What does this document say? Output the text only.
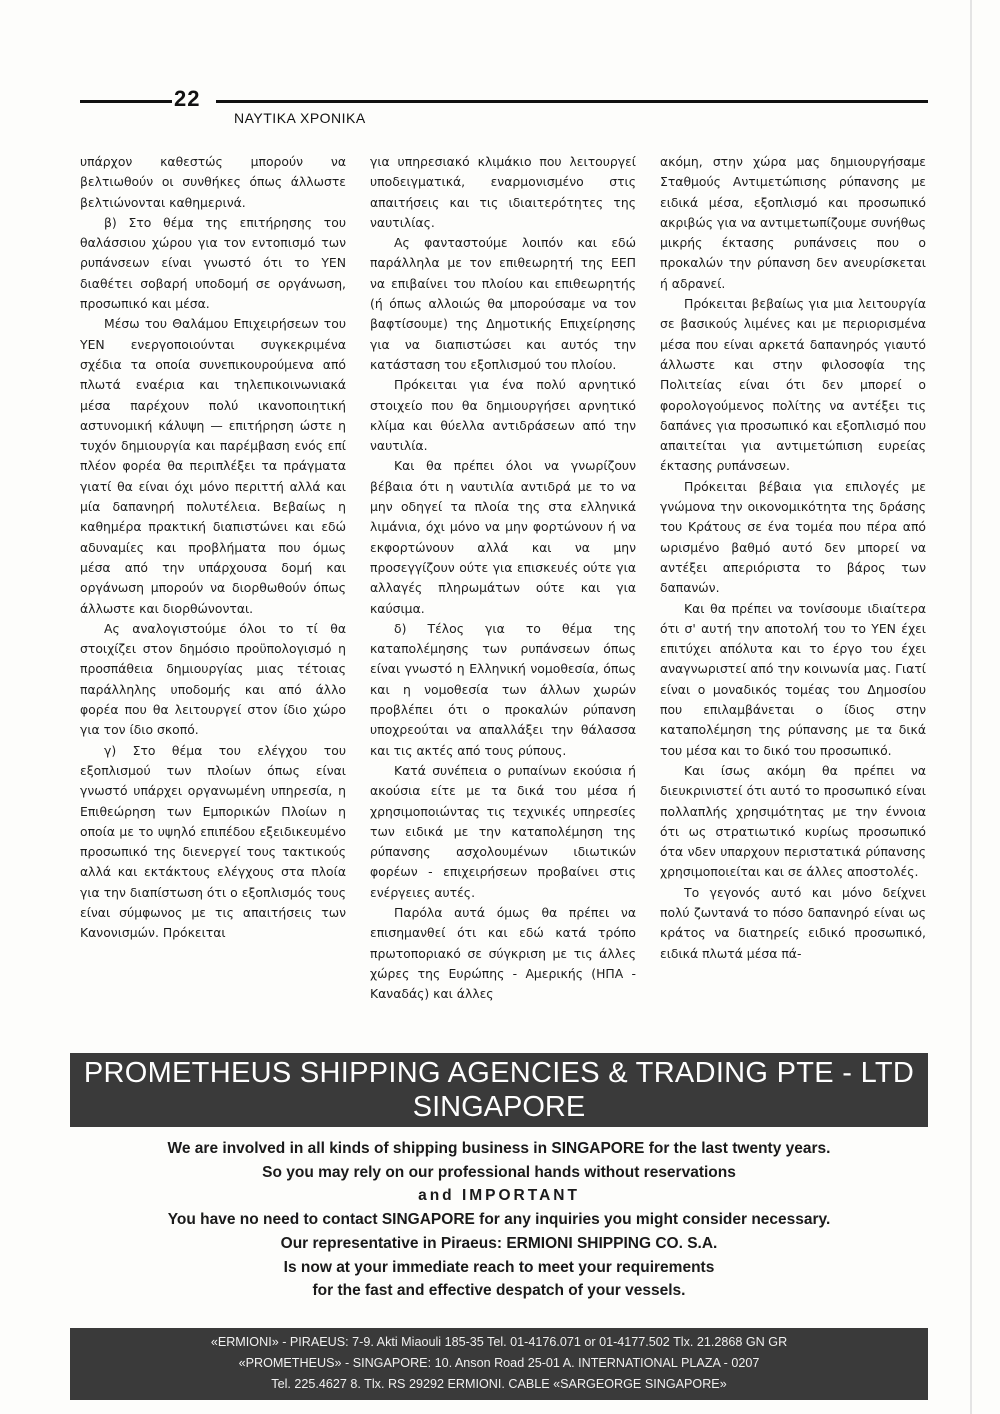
22
ΝΑΥΤΙΚΑ ΧΡΟΝΙΚΑ

υπάρχον καθεστώς μπορούν να βελτιωθούν οι συνθήκες όπως άλλωστε βελτιώνονται καθημερινά.

β) Στο θέμα της επιτήρησης του θαλάσσιου χώρου για τον εντοπισμό των ρυπάνσεων είναι γνωστό ότι το ΥΕΝ διαθέτει σοβαρή υποδομή σε οργάνωση, προσωπικό και μέσα.

Μέσω του Θαλάμου Επιχειρήσεων του ΥΕΝ ενεργοποιούνται συγκεκριμένα σχέδια τα οποία συνεπικουρούμενα από πλωτά εναέρια και τηλεπικοινωνιακά μέσα παρέχουν πολύ ικανοποιητική αστυνομική κάλυψη — επιτήρηση ώστε η τυχόν δημιουργία και παρέμβαση ενός επί πλέον φορέα θα περιπλέξει τα πράγματα γιατί θα είναι όχι μόνο περιττή αλλά και μία δαπανηρή πολυτέλεια. Βεβαίως η καθημέρα πρακτική διαπιστώνει και εδώ αδυναμίες και προβλήματα που όμως μέσα από την υπάρχουσα δομή και οργάνωση μπορούν να διορθωθούν όπως άλλωστε και διορθώνονται.

Ας αναλογιστούμε όλοι το τί θα στοιχίζει στον δημόσιο προϋπολογισμό η προσπάθεια δημιουργίας μιας τέτοιας παράλληλης υποδομής και από άλλο φορέα που θα λειτουργεί στον ίδιο χώρο για τον ίδιο σκοπό.

γ) Στο θέμα του ελέγχου του εξοπλισμού των πλοίων όπως είναι γνωστό υπάρχει οργανωμένη υπηρεσία, η Επιθεώρηση των Εμπορικών Πλοίων η οποία με το υψηλό επιπέδου εξειδικευμένο προσωπικό της διενεργεί τους τακτικούς αλλά και εκτάκτους ελέγχους στα πλοία για την διαπίστωση ότι ο εξοπλισμός τους είναι σύμφωνος με τις απαιτήσεις των Κανονισμών. Πρόκειται

για υπηρεσιακό κλιμάκιο που λειτουργεί υποδειγματικά, εναρμονισμένο στις απαιτήσεις και τις ιδιαιτερότητες της ναυτιλίας.

Ας φανταστούμε λοιπόν και εδώ παράλληλα με τον επιθεωρητή της ΕΕΠ να επιβαίνει του πλοίου και επιθεωρητής (ή όπως αλλοιώς θα μπορούσαμε να τον βαφτίσουμε) της Δημοτικής Επιχείρησης για να διαπιστώσει και αυτός την κατάσταση του εξοπλισμού του πλοίου.

Πρόκειται για ένα πολύ αρνητικό στοιχείο που θα δημιουργήσει αρνητικό κλίμα και θύελλα αντιδράσεων από την ναυτιλία.

Και θα πρέπει όλοι να γνωρίζουν βέβαια ότι η ναυτιλία αντιδρά με το να μην οδηγεί τα πλοία της στα ελληνικά λιμάνια, όχι μόνο να μην φορτώνουν ή να εκφορτώνουν αλλά και να μην προσεγγίζουν ούτε για επισκευές ούτε για αλλαγές πληρωμάτων ούτε και για καύσιμα.

δ) Τέλος για το θέμα της καταπολέμησης των ρυπάνσεων όπως είναι γνωστό η Ελληνική νομοθεσία, όπως και η νομοθεσία των άλλων χωρών προβλέπει ότι ο προκαλών ρύπανση υποχρεούται να απαλλάξει την θάλασσα και τις ακτές από τους ρύπους.

Κατά συνέπεια ο ρυπαίνων εκούσια ή ακούσια είτε με τα δικά του μέσα ή χρησιμοποιώντας τις τεχνικές υπηρεσίες των ειδικά με την καταπολέμηση της ρύπανσης ασχολουμένων ιδιωτικών φορέων - επιχειρήσεων προβαίνει στις ενέργειες αυτές.

Παρόλα αυτά όμως θα πρέπει να επισημανθεί ότι και εδώ κατά τρόπο πρωτοποριακό σε σύγκριση με τις άλλες χώρες της Ευρώπης - Αμερικής (ΗΠΑ - Καναδάς) και άλλες

ακόμη, στην χώρα μας δημιουργήσαμε Σταθμούς Αντιμετώπισης ρύπανσης με ειδικά μέσα, εξοπλισμό και προσωπικό ακριβώς για να αντιμετωπίζουμε συνήθως μικρής έκτασης ρυπάνσεις που ο προκαλών την ρύπανση δεν ανευρίσκεται ή αδρανεί.

Πρόκειται βεβαίως για μια λειτουργία σε βασικούς λιμένες και με περιορισμένα μέσα που είναι αρκετά δαπανηρός γιαυτό άλλωστε και στην φιλοσοφία της Πολιτείας είναι ότι δεν μπορεί ο φορολογούμενος πολίτης να αντέξει τις δαπάνες για προσωπικό και εξοπλισμό που απαιτείται για αντιμετώπιση ευρείας έκτασης ρυπάνσεων.

Πρόκειται βέβαια για επιλογές με γνώμονα την οικονομικότητα της δράσης του Κράτους σε ένα τομέα που πέρα από ωρισμένο βαθμό αυτό δεν μπορεί να αντέξει απεριόριστα το βάρος των δαπανών.

Και θα πρέπει να τονίσουμε ιδιαίτερα ότι σ' αυτή την αποτολή του το ΥΕΝ έχει επιτύχει απόλυτα και το έργο του έχει αναγνωριστεί από την κοινωνία μας. Γιατί είναι ο μοναδικός τομέας του Δημοσίου που επιλαμβάνεται ο ίδιος στην καταπολέμηση της ρύπανσης με τα δικά του μέσα και το δικό του προσωπικό.

Και ίσως ακόμη θα πρέπει να διευκρινιστεί ότι αυτό το προσωπικό είναι πολλαπλής χρησιμότητας με την έννοια ότι ως στρατιωτικό κυρίως προσωπικό ότα νδεν υπαρχουν περιστατικά ρύπανσης χρησιμοποιείται και σε άλλες αποστολές.

Το γεγονός αυτό και μόνο δείχνει πολύ ζωντανά το πόσο δαπανηρό είναι ως κράτος να διατηρείς ειδικό προσωπικό, ειδικά πλωτά μέσα πά-

PROMETHEUS SHIPPING AGENCIES & TRADING PTE - LTD
SINGAPORE
We are involved in all kinds of shipping business in SINGAPORE for the last twenty years.
So you may rely on our professional hands without reservations
and IMPORTANT
You have no need to contact SINGAPORE for any inquiries you might consider necessary.
Our representative in Piraeus: ERMIONI SHIPPING CO. S.A.
Is now at your immediate reach to meet your requirements
for the fast and effective despatch of your vessels.
«ERMIONI» - PIRAEUS: 7-9. Akti Miaouli 185-35 Tel. 01-4176.071 or 01-4177.502 Tlx. 21.2868 GN GR
«PROMETHEUS» - SINGAPORE: 10. Anson Road 25-01 A. INTERNATIONAL PLAZA - 0207
Tel. 225.4627 8. Tlx. RS 29292 ERMIONI. CABLE «SARGEORGE SINGAPORE»
